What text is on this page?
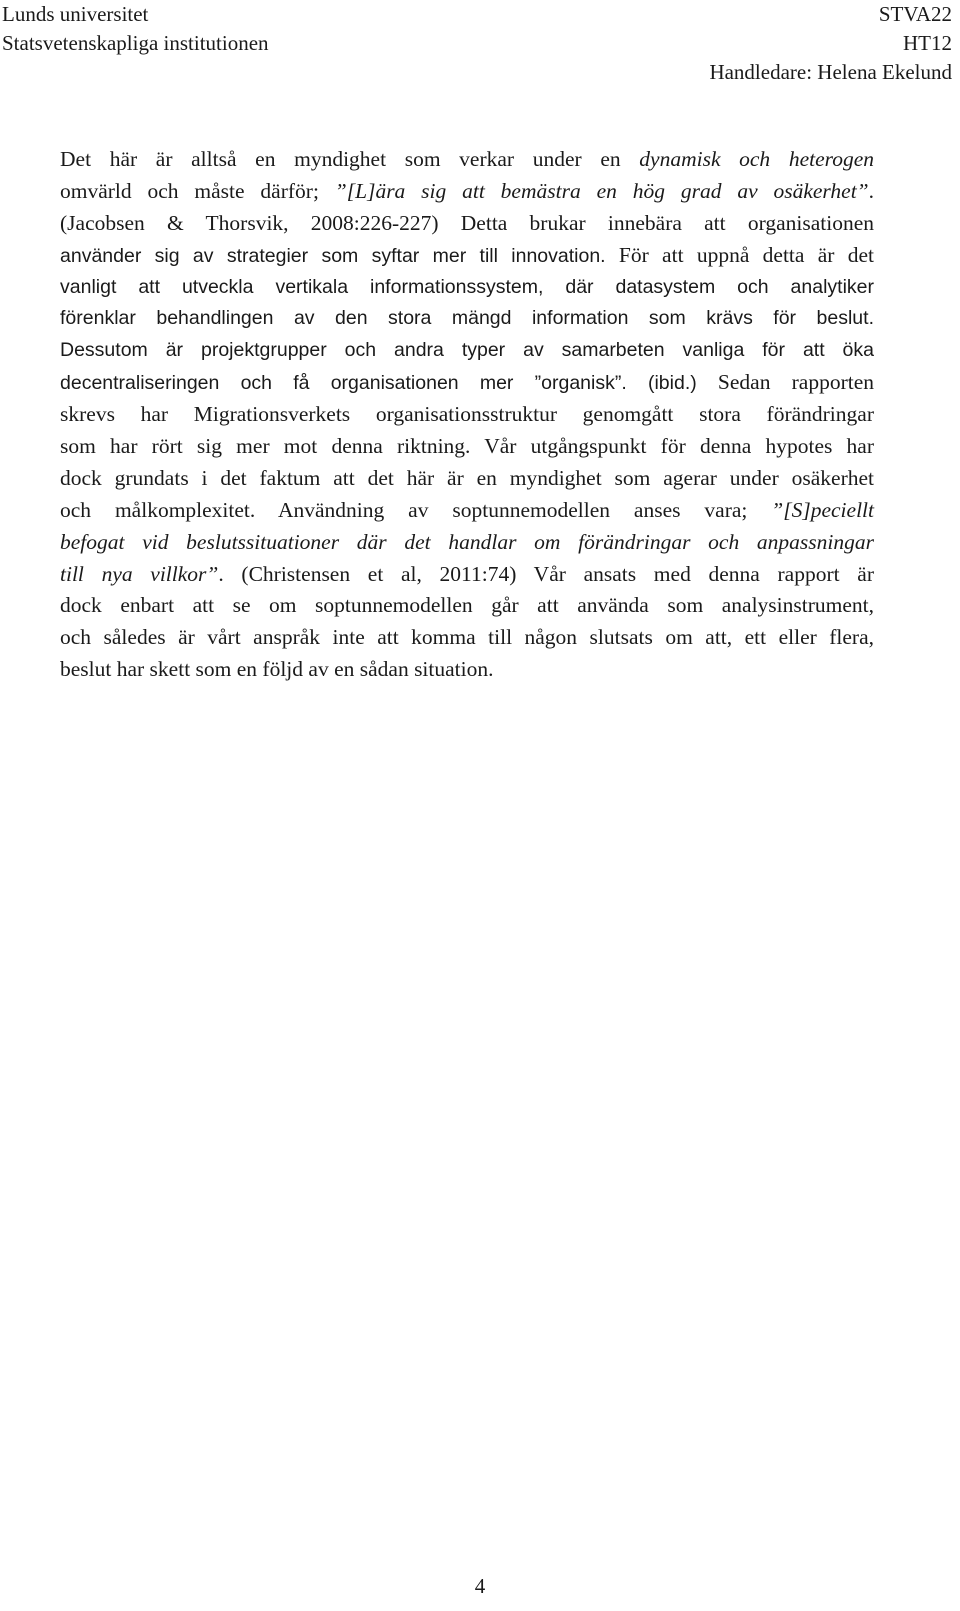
Lunds universitet
Statsvetenskapliga institutionen
STVA22
HT12
Handledare: Helena Ekelund
Det här är alltså en myndighet som verkar under en dynamisk och heterogen
omvärld och måste därför; ”[L]ära sig att bemästra en hög grad av osäkerhet”.
(Jacobsen & Thorsvik, 2008:226-227) Detta brukar innebära att organisationen
använder sig av strategier som syftar mer till innovation. För att uppnå detta är det
vanligt att utveckla vertikala informationssystem, där datasystem och analytiker
förenklar behandlingen av den stora mängd information som krävs för beslut.
Dessutom är projektgrupper och andra typer av samarbeten vanliga för att öka
decentraliseringen och få organisationen mer ”organisk”. (ibid.) Sedan rapporten
skrevs har Migrationsverkets organisationsstruktur genomgått stora förändringar
som har rört sig mer mot denna riktning. Vår utgångspunkt för denna hypotes har
dock grundats i det faktum att det här är en myndighet som agerar under osäkerhet
och målkomplexitet. Användning av soptunnemodellen anses vara; ”[S]peciellt
befogat vid beslutssituationer där det handlar om förändringar och anpassningar
till nya villkor”. (Christensen et al, 2011:74) Vår ansats med denna rapport är
dock enbart att se om soptunnemodellen går att använda som analysinstrument,
och således är vårt anspråk inte att komma till någon slutsats om att, ett eller flera,
beslut har skett som en följd av en sådan situation.
4
